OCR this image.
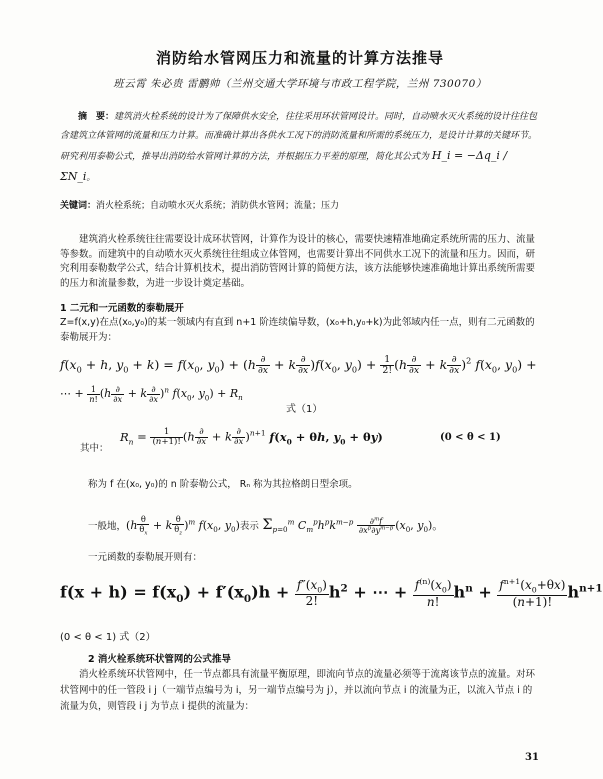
消防给水管网压力和流量的计算方法推导
班云霄 朱必贵 雷鹏帅（兰州交通大学环境与市政工程学院，兰州 730070）
摘　要：建筑消火栓系统的设计为了保障供水安全，往往采用环状管网设计。同时，自动喷水灭火系统的设计往往包含建筑立体管网的流量和压力计算。而准确计算出各供水工况下的消防流量和所需的系统压力，是设计计算的关键环节。研究利用泰勒公式，推导出消防给水管网计算的方法，并根据压力平差的原理，简化其公式为 H_i = −Δq_i / ΣN_i。
关键词：消火栓系统；自动喷水灭火系统；消防供水管网；流量；压力
建筑消火栓系统往往需要设计成环状管网，计算作为设计的核心，需要快速精准地确定系统所需的压力、流量等参数。而建筑中的自动喷水灭火系统往往组成立体管网，也需要计算出不同供水工况下的流量和压力。因而，研究利用泰勒数学公式，结合计算机技术，提出消防管网计算的简便方法，该方法能够快速准确地计算出系统所需要的压力和流量参数，为进一步设计奠定基础。
1 二元和一元函数的泰勒展开
Z=f(x,y)在点(x₀,y₀)的某一领域内有直到 n+1 阶连续偏导数，(x₀+h,y₀+k)为此邻域内任一点，则有二元函数的泰勒展开为：
$f(x_0 + h$, $y_0 + k) = f(x_0$, $y_0) + (h \frac{\partial}{\partial x} + k \frac{\partial}{\partial x} )f(x_0$, $y_0) + \frac{1}{2!} (h \frac{\partial}{\partial x} + k \frac{\partial}{\partial x} )^2$ $f(x_0$, $y_0$) +
⋯ + $\frac{1}{n!} (h \frac{\partial}{\partial x} + k \frac{\partial}{\partial x} )^n$ $f(x_0$, $y_0) + R_n$
式（1）
其中：
$R_n = \frac{1}{(n+1)!} (h \frac{\partial}{\partial x} + k \frac{\partial}{\partial x} )^{n+1}$ $f(x_0 + \theta h$, $y_0 + \theta y$)	(0 < θ < 1)
称为 f 在(x₀, y₀)的 n 阶泰勒公式， Rₙ 称为其拉格朗日型余项。
一般地，$(h \frac{\theta}{\theta_x} + k \frac{\theta}{\theta_z} )^m$ $f(x_0$, $y_0$)表示 $\Sigma_{p=0}^m$ $C_m^ph^pk^{m-p} \frac{\partial^mf}{\partial x^p\partial y^{m-p}} (x_0$, $y_0$)。
一元函数的泰勒展开则有：
$f(x + h) = f(x_0) + f'(x_0)h + \frac{f''(x_0)}{2!} h^2$ + ⋯ + $\frac{f^{(n)}(x_0)}{n!} h^n + \frac{f^{n+1}(x_0+\theta x)}{(n+1)!} h^{n+1}$
(0 < θ < 1) 式（2）
2 消火栓系统环状管网的公式推导
消火栓系统环状管网中，任一节点都具有流量平衡原理，即流向节点的流量必须等于流离该节点的流量。对环状管网中的任一管段 i j（一端节点编号为 i，另一端节点编号为 j），并以流向节点 i 的流量为正，以流入节点 i 的流量为负，则管段 i j 为节点 i 提供的流量为：
31
